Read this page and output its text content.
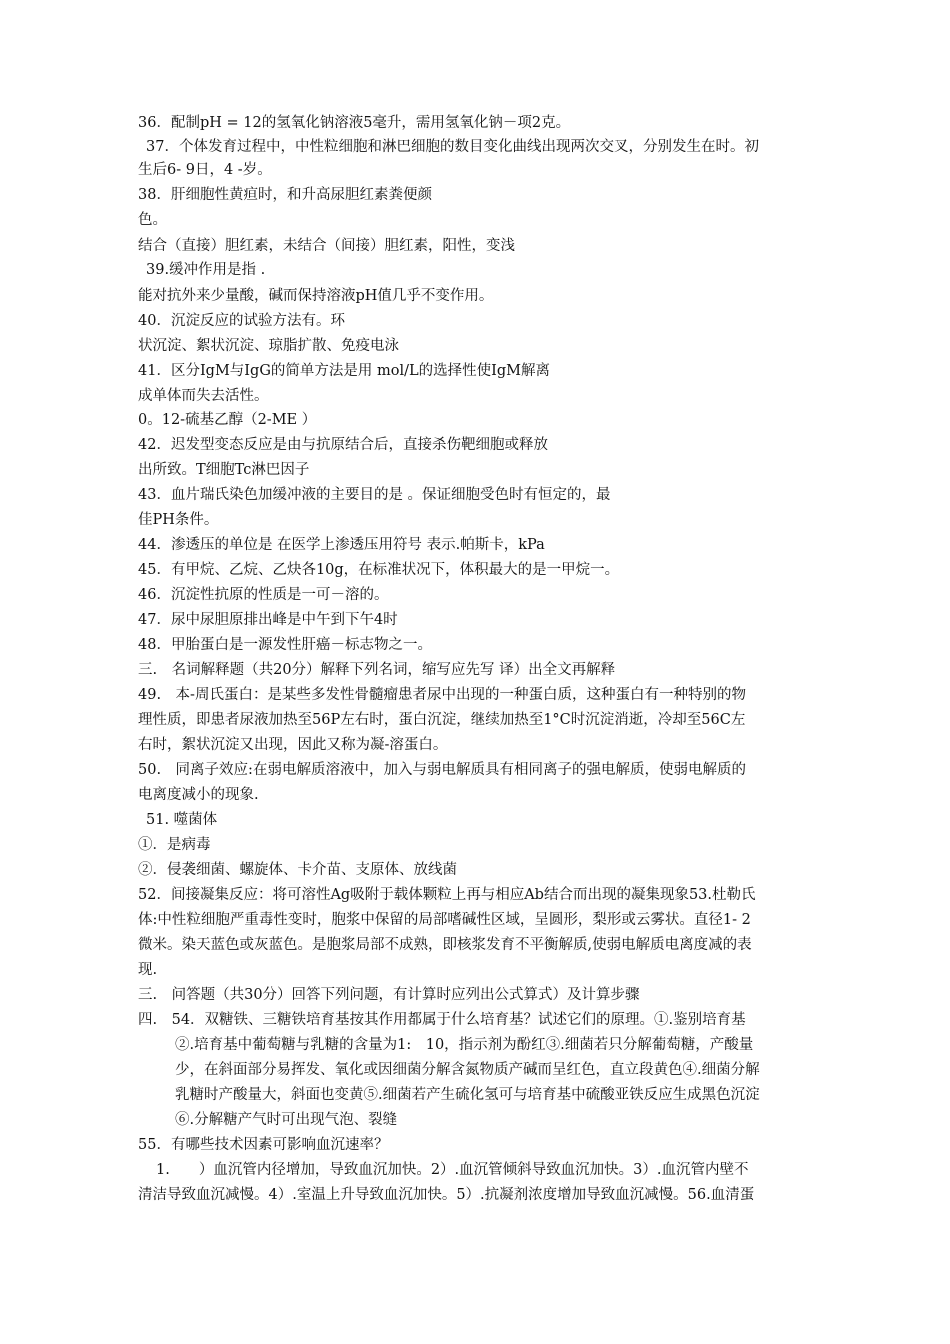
36．配制pH = 12的氢氧化钠溶液5毫升，需用氢氧化钠－项2克。
37．个体发育过程中，中性粒细胞和淋巴细胞的数目变化曲线出现两次交叉，分别发生在时。初
生后6- 9日，4 -岁。
38．肝细胞性黄疸时，和升高尿胆红素粪便颜
色。
结合（直接）胆红素，未结合（间接）胆红素，阳性，变浅
39.缓冲作用是指 .
能对抗外来少量酸，碱而保持溶液pH值几乎不变作用。
40．沉淀反应的试验方法有。环
状沉淀、絮状沉淀、琼脂扩散、免疫电泳
41．区分IgM与IgG的简单方法是用 mol/L的选择性使IgM解离
成单体而失去活性。
0。12-硫基乙醇（2-ME ）
42．迟发型变态反应是由与抗原结合后，直接杀伤靶细胞或释放
出所致。T细胞Tc淋巴因子
43．血片瑞氏染色加缓冲液的主要目的是 。保证细胞受色时有恒定的，最
佳PH条件。
44．渗透压的单位是 在医学上渗透压用符号 表示.帕斯卡，kPa
45．有甲烷、乙烷、乙炔各10g，在标准状况下，体积最大的是一甲烷一。
46．沉淀性抗原的性质是一可－溶的。
47．尿中尿胆原排出峰是中午到下午4时
48．甲胎蛋白是一源发性肝癌－标志物之一。
三.　名词解释题（共20分）解释下列名词，缩写应先写 译）出全文再解释
49.　本-周氏蛋白：是某些多发性骨髓瘤患者尿中出现的一种蛋白质，这种蛋白有一种特别的物
理性质，即患者尿液加热至56P左右时，蛋白沉淀，继续加热至1°C时沉淀消逝，冷却至56C左
右时，絮状沉淀又出现，因此又称为凝-溶蛋白。
50.　同离子效应:在弱电解质溶液中，加入与弱电解质具有相同离子的强电解质，使弱电解质的
电离度减小的现象.
51. 噬菌体
①．是病毒
②．侵袭细菌、螺旋体、卡介苗、支原体、放线菌
52．间接凝集反应：将可溶性Ag吸附于载体颗粒上再与相应Ab结合而出现的凝集现象53.杜勒氏
体:中性粒细胞严重毒性变时，胞浆中保留的局部嗜碱性区域，呈圆形，梨形或云雾状。直径1- 2
微米。染天蓝色或灰蓝色。是胞浆局部不成熟，即核浆发育不平衡解质,使弱电解质电离度减的表
现.
三.　问答题（共30分）回答下列问题，有计算时应列出公式算式）及计算步骤
四.　54．双糖铁、三糖铁培育基按其作用都属于什么培育基？试述它们的原理。①.鉴别培育基
②.培育基中葡萄糖与乳糖的含量为1:　10，指示剂为酚红③.细菌若只分解葡萄糖，产酸量
少，在斜面部分易挥发、氧化或因细菌分解含氮物质产碱而呈红色，直立段黄色④.细菌分解
乳糖时产酸量大，斜面也变黄⑤.细菌若产生硫化氢可与培育基中硫酸亚铁反应生成黑色沉淀
⑥.分解糖产气时可出现气泡、裂缝
55．有哪些技术因素可影响血沉速率？
1.　　）血沉管内径增加，导致血沉加快。2）.血沉管倾斜导致血沉加快。3）.血沉管内壁不
清洁导致血沉减慢。4）.室温上升导致血沉加快。5）.抗凝剂浓度增加导致血沉减慢。56.血清蛋
